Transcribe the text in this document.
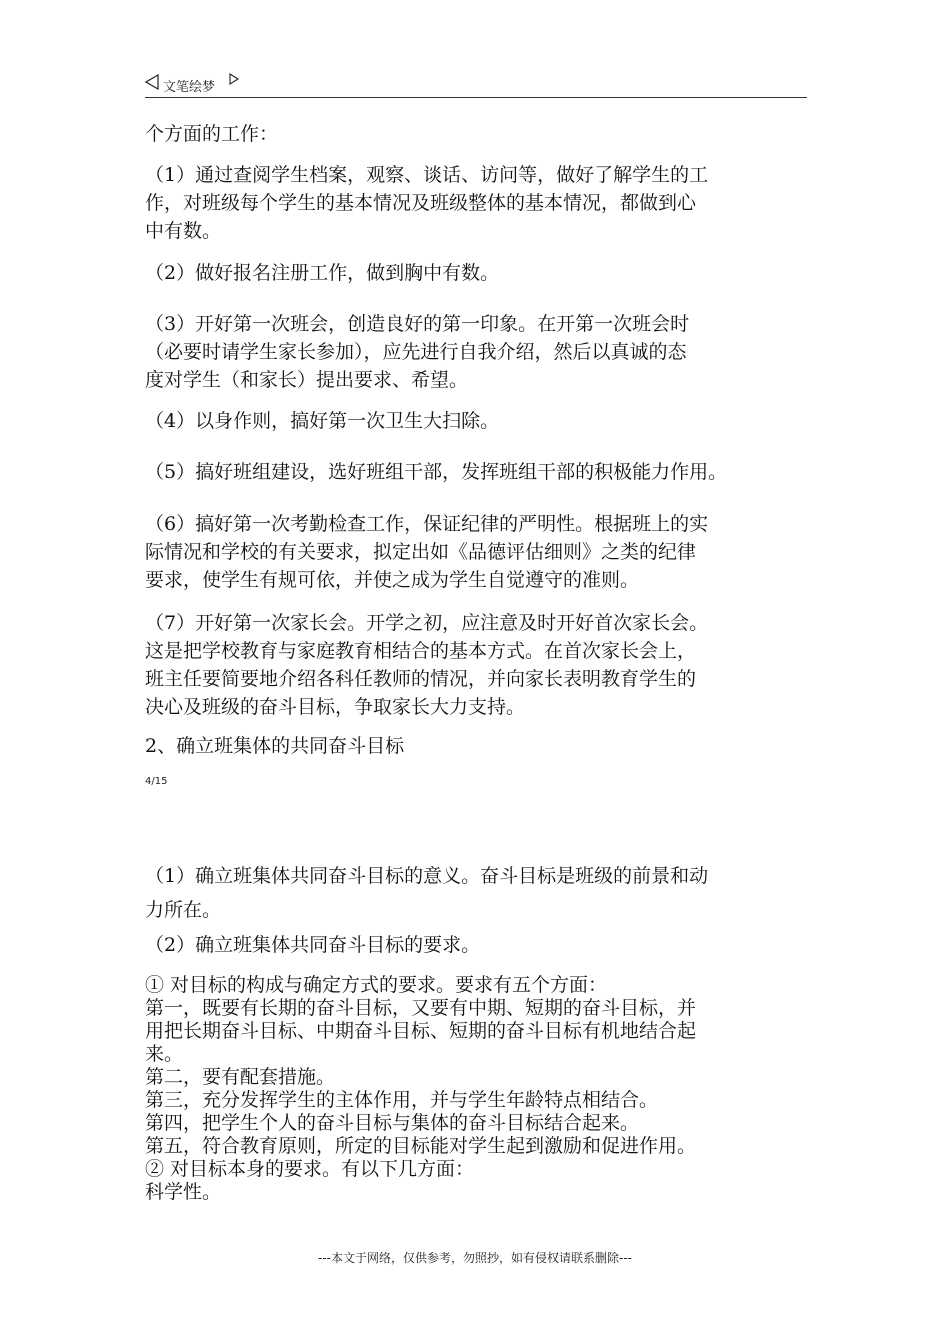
文笔绘梦
个方面的工作：
（1）通过查阅学生档案，观察、谈话、访问等，做好了解学生的工
作，对班级每个学生的基本情况及班级整体的基本情况，都做到心
中有数。
（2）做好报名注册工作，做到胸中有数。
（3）开好第一次班会，创造良好的第一印象。在开第一次班会时
（必要时请学生家长参加），应先进行自我介绍，然后以真诚的态
度对学生（和家长）提出要求、希望。
（4）以身作则，搞好第一次卫生大扫除。
（5）搞好班组建设，选好班组干部，发挥班组干部的积极能力作用。
（6）搞好第一次考勤检查工作，保证纪律的严明性。根据班上的实
际情况和学校的有关要求，拟定出如《品德评估细则》之类的纪律
要求，使学生有规可依，并使之成为学生自觉遵守的准则。
（7）开好第一次家长会。开学之初，应注意及时开好首次家长会。
这是把学校教育与家庭教育相结合的基本方式。在首次家长会上，
班主任要简要地介绍各科任教师的情况，并向家长表明教育学生的
决心及班级的奋斗目标，争取家长大力支持。
2、确立班集体的共同奋斗目标
4/15
（1）确立班集体共同奋斗目标的意义。奋斗目标是班级的前景和动
力所在。
（2）确立班集体共同奋斗目标的要求。
① 对目标的构成与确定方式的要求。要求有五个方面：
第一，既要有长期的奋斗目标，又要有中期、短期的奋斗目标，并
用把长期奋斗目标、中期奋斗目标、短期的奋斗目标有机地结合起
来。
第二，要有配套措施。
第三，充分发挥学生的主体作用，并与学生年龄特点相结合。
第四，把学生个人的奋斗目标与集体的奋斗目标结合起来。
第五，符合教育原则，所定的目标能对学生起到激励和促进作用。
② 对目标本身的要求。有以下几方面：
科学性。
---本文于网络，仅供参考，勿照抄，如有侵权请联系删除---
